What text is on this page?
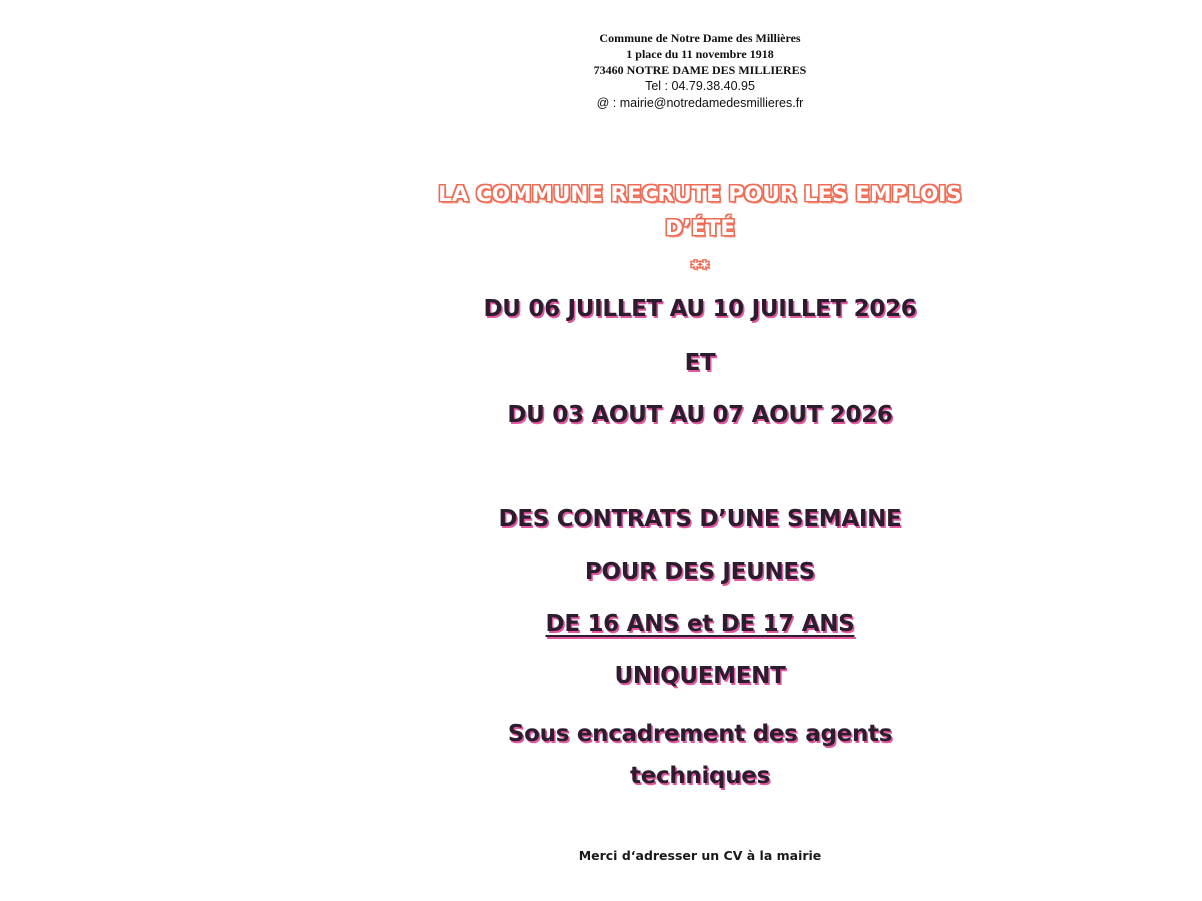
Commune de Notre Dame des Millières

1 place du 11 novembre 1918

73460 NOTRE DAME DES MILLIERES

Tel : 04.79.38.40.95

@ : mairie@notredamedesmillieres.fr

LA COMMUNE RECRUTE POUR LES EMPLOIS

D’ÉTÉ

**

DU 06 JUILLET AU 10 JUILLET 2026

ET

DU 03 AOUT AU 07 AOUT 2026

DES CONTRATS D’UNE SEMAINE

POUR DES JEUNES

DE 16 ANS et DE 17 ANS

UNIQUEMENT

Sous encadrement des agents
techniques

Merci d‘adresser un CV à la mairie
